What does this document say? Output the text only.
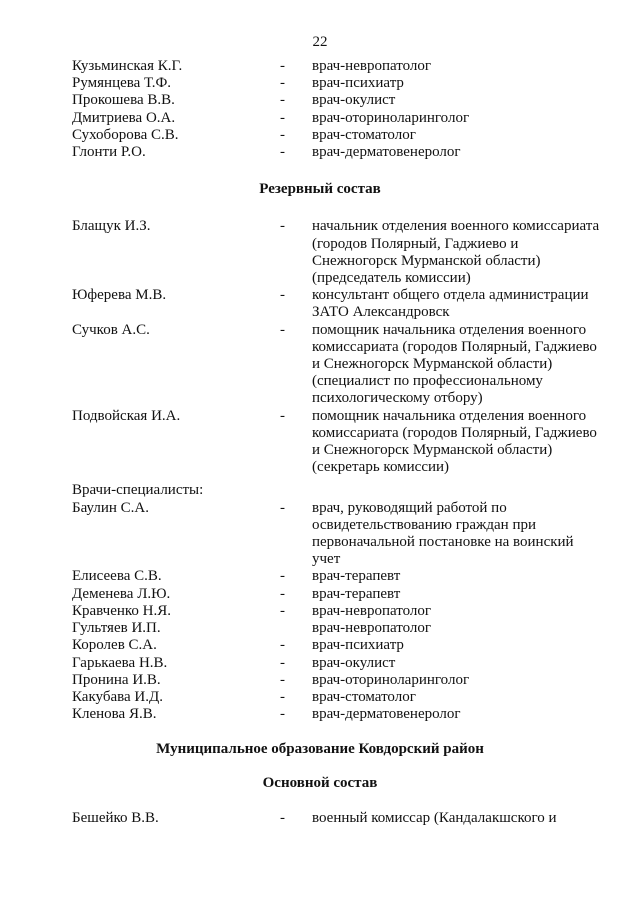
22
Кузьминская К.Г.	-	врач-невропатолог
Румянцева Т.Ф.	-	врач-психиатр
Прокошева В.В.	-	врач-окулист
Дмитриева О.А.	-	врач-оториноларинголог
Сухоборова С.В.	-	врач-стоматолог
Глонти Р.О.	-	врач-дерматовенеролог
Резервный состав
Блащук И.З.	-	начальник отделения военного комиссариата (городов Полярный, Гаджиево и Снежногорск Мурманской области) (председатель комиссии)
Юферева М.В.	-	консультант общего отдела администрации ЗАТО Александровск
Сучков А.С.	-	помощник начальника отделения военного комиссариата (городов Полярный, Гаджиево и Снежногорск Мурманской области) (специалист по профессиональному психологическому отбору)
Подвойская И.А.	-	помощник начальника отделения военного комиссариата (городов Полярный, Гаджиево и Снежногорск Мурманской области) (секретарь комиссии)
Врачи-специалисты:
Баулин С.А.	-	врач, руководящий работой по освидетельствованию граждан при первоначальной постановке на воинский учет
Елисеева С.В.	-	врач-терапевт
Деменева Л.Ю.	-	врач-терапевт
Кравченко Н.Я.	-	врач-невропатолог
Гультяев И.П.	врач-невропатолог
Королев С.А.	-	врач-психиатр
Гарькаева Н.В.	-	врач-окулист
Пронина И.В.	-	врач-оториноларинголог
Какубава И.Д.	-	врач-стоматолог
Кленова Я.В.	-	врач-дерматовенеролог
Муниципальное образование Ковдорский район
Основной состав
Бешейко В.В.	-	военный комиссар (Кандалакшского и
